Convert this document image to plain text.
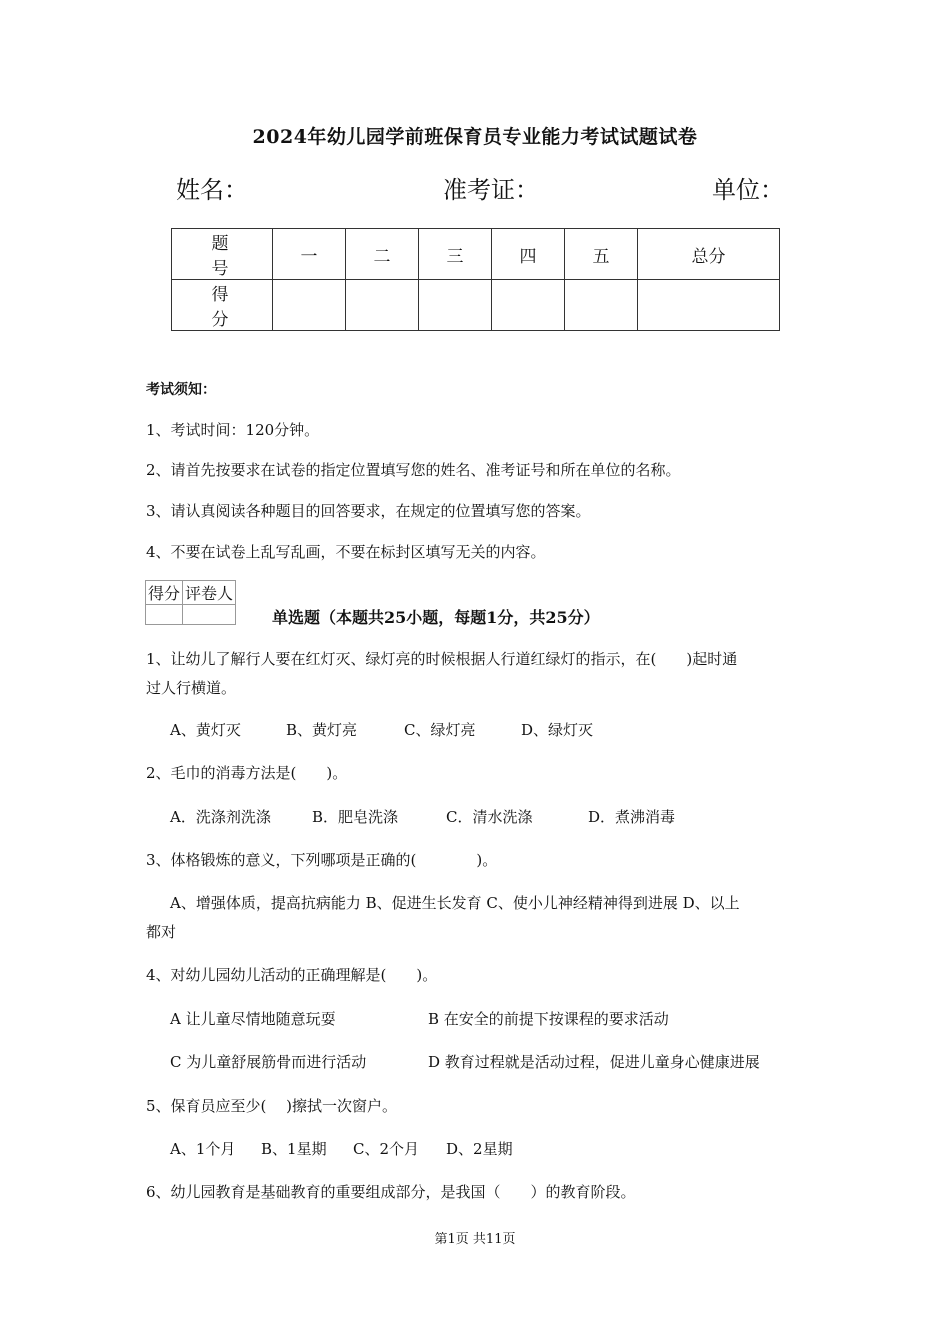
2024年幼儿园学前班保育员专业能力考试试题试卷
姓名：	准考证：	单位：
题　号	一	二	三	四	五	总分
得　分						
考试须知：
1、考试时间：120分钟。
2、请首先按要求在试卷的指定位置填写您的姓名、准考证号和所在单位的名称。
3、请认真阅读各种题目的回答要求，在规定的位置填写您的答案。
4、不要在试卷上乱写乱画，不要在标封区填写无关的内容。
得分	评卷人

单选题（本题共25小题，每题1分，共25分）
1、让幼儿了解行人要在红灯灭、绿灯亮的时候根据人行道红绿灯的指示，在(　　)起时通
过人行横道。
A、黄灯灭	B、黄灯亮	C、绿灯亮	D、绿灯灭
2、毛巾的消毒方法是(　　)。
A．洗涤剂洗涤	B．肥皂洗涤	C．清水洗涤	D．煮沸消毒
3、体格锻炼的意义，下列哪项是正确的(　　　　)。
A、增强体质，提高抗病能力 B、促进生长发育 C、使小儿神经精神得到进展 D、以上
都对
4、对幼儿园幼儿活动的正确理解是(　　)。
A 让儿童尽情地随意玩耍	B 在安全的前提下按课程的要求活动
C 为儿童舒展筋骨而进行活动	D 教育过程就是活动过程，促进儿童身心健康进展
5、保育员应至少(　 )擦拭一次窗户。
A、1个月 B、1星期 C、2个月 D、2星期
6、幼儿园教育是基础教育的重要组成部分，是我国（　　）的教育阶段。
第1页 共11页
